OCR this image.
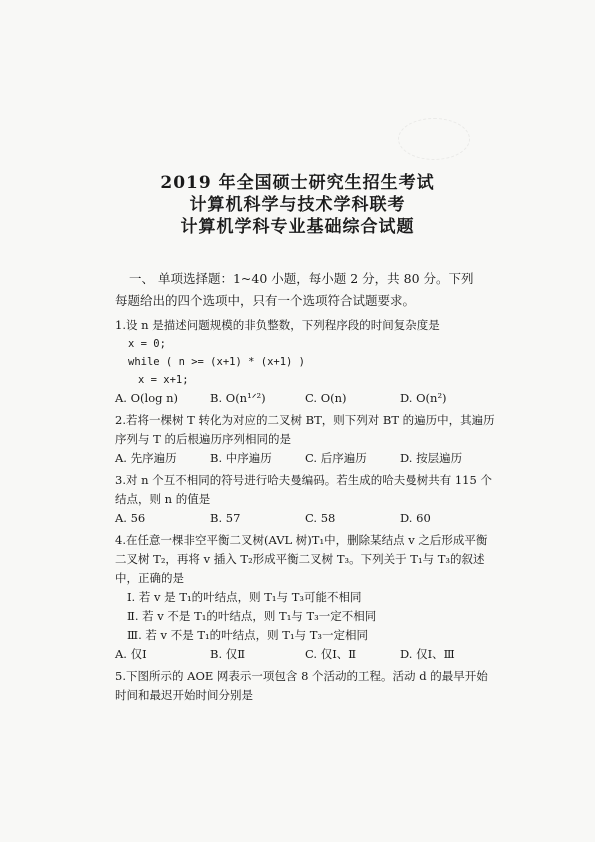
2019 年全国硕士研究生招生考试
计算机科学与技术学科联考
计算机学科专业基础综合试题
一、 单项选择题：1~40 小题，每小题 2 分，共 80 分。下列
每题给出的四个选项中，只有一个选项符合试题要求。
1.设 n 是描述问题规模的非负整数，下列程序段的时间复杂度是
x = 0;
while ( n >= (x+1) * (x+1) )
x = x+1;
A. O(log n)	B. O(n¹ᐟ²)	C. O(n)	D. O(n²)
2.若将一棵树 T 转化为对应的二叉树 BT，则下列对 BT 的遍历中，其遍历序列与 T 的后根遍历序列相同的是
A. 先序遍历	B. 中序遍历	C. 后序遍历	D. 按层遍历
3.对 n 个互不相同的符号进行哈夫曼编码。若生成的哈夫曼树共有 115 个结点，则 n 的值是
A. 56	B. 57	C. 58	D. 60
4.在任意一棵非空平衡二叉树(AVL 树)T₁中，删除某结点 v 之后形成平衡二叉树 T₂，再将 v 插入 T₂形成平衡二叉树 T₃。下列关于 T₁与 T₃的叙述中，正确的是
Ⅰ. 若 v 是 T₁的叶结点，则 T₁与 T₃可能不相同
Ⅱ. 若 v 不是 T₁的叶结点，则 T₁与 T₃一定不相同
Ⅲ. 若 v 不是 T₁的叶结点，则 T₁与 T₃一定相同
A. 仅Ⅰ	B. 仅Ⅱ	C. 仅Ⅰ、Ⅱ	D. 仅Ⅰ、Ⅲ
5.下图所示的 AOE 网表示一项包含 8 个活动的工程。活动 d 的最早开始时间和最迟开始时间分别是
